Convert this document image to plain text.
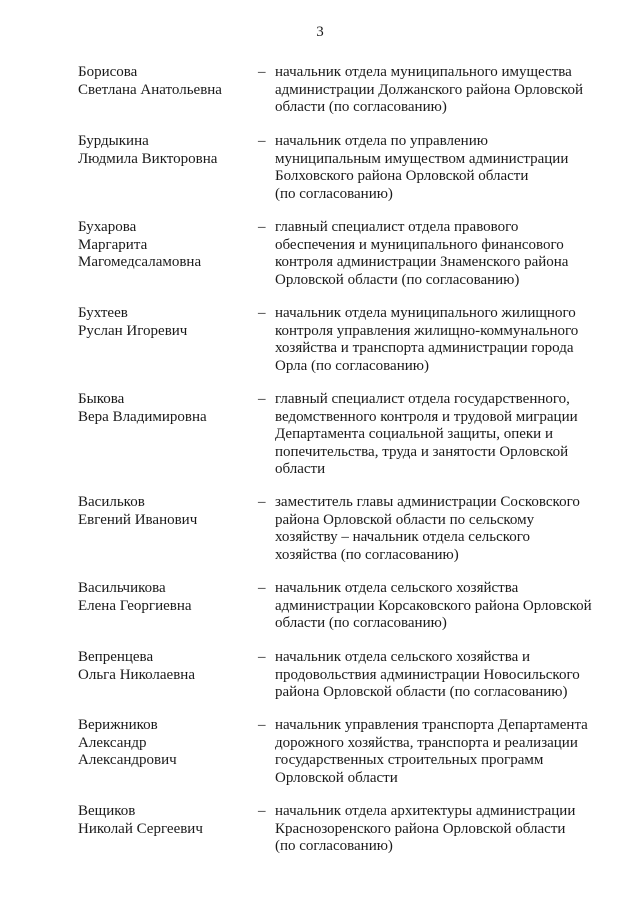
3
Борисова
Светлана Анатольевна
– начальник отдела муниципального имущества
администрации Должанского района Орловской
области (по согласованию)
Бурдыкина
Людмила Викторовна
– начальник отдела по управлению
муниципальным имуществом администрации
Болховского района Орловской области
(по согласованию)
Бухарова
Маргарита
Магомедсаламовна
– главный специалист отдела правового
обеспечения и муниципального финансового
контроля администрации Знаменского района
Орловской области (по согласованию)
Бухтеев
Руслан Игоревич
– начальник отдела муниципального жилищного
контроля управления жилищно-коммунального
хозяйства и транспорта администрации города
Орла (по согласованию)
Быкова
Вера Владимировна
– главный специалист отдела государственного,
ведомственного контроля и трудовой миграции
Департамента социальной защиты, опеки и
попечительства, труда и занятости Орловской
области
Васильков
Евгений Иванович
– заместитель главы администрации Сосковского
района Орловской области по сельскому
хозяйству – начальник отдела сельского
хозяйства (по согласованию)
Васильчикова
Елена Георгиевна
– начальник отдела сельского хозяйства
администрации Корсаковского района Орловской
области (по согласованию)
Вепренцева
Ольга Николаевна
– начальник отдела сельского хозяйства и
продовольствия администрации Новосильского
района Орловской области (по согласованию)
Верижников
Александр
Александрович
– начальник управления транспорта Департамента
дорожного хозяйства, транспорта и реализации
государственных строительных программ
Орловской области
Вещиков
Николай Сергеевич
– начальник отдела архитектуры администрации
Краснозоренского района Орловской области
(по согласованию)
